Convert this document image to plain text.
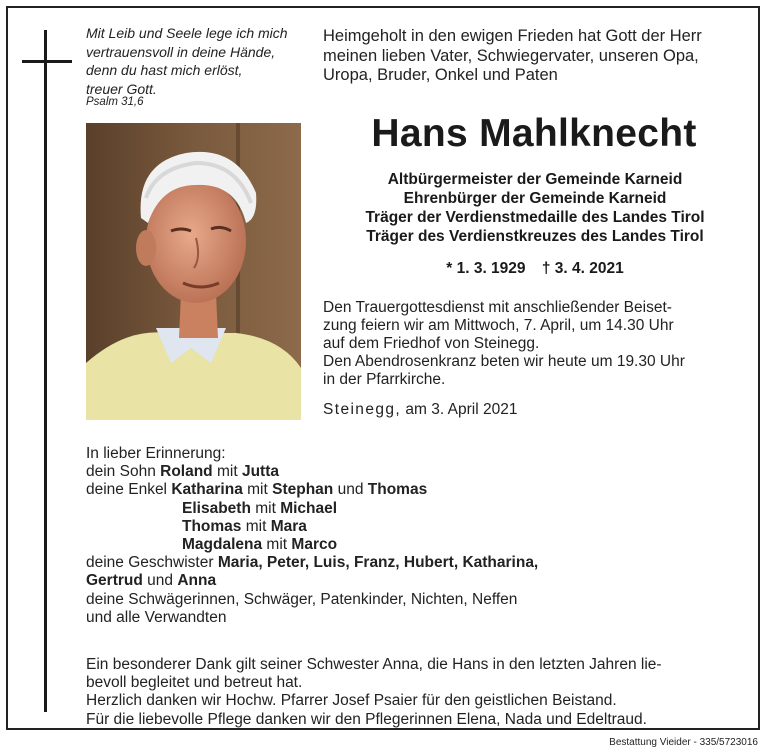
Mit Leib und Seele lege ich mich
vertrauensvoll in deine Hände,
denn du hast mich erlöst,
treuer Gott.
Psalm 31,6
Heimgeholt in den ewigen Frieden hat Gott der Herr
meinen lieben Vater, Schwiegervater, unseren Opa,
Uropa, Bruder, Onkel und Paten
Hans Mahlknecht
Altbürgermeister der Gemeinde Karneid
Ehrenbürger der Gemeinde Karneid
Träger der Verdienstmedaille des Landes Tirol
Träger des Verdienstkreuzes des Landes Tirol
* 1. 3. 1929 † 3. 4. 2021
Den Trauergottesdienst mit anschließender Beiset-
zung feiern wir am Mittwoch, 7. April, um 14.30 Uhr
auf dem Friedhof von Steinegg.
Den Abendrosenkranz beten wir heute um 19.30 Uhr
in der Pfarrkirche.
Steinegg, am 3. April 2021
In lieber Erinnerung:
dein Sohn Roland mit Jutta
deine Enkel Katharina mit Stephan und Thomas
Elisabeth mit Michael
Thomas mit Mara
Magdalena mit Marco
deine Geschwister Maria, Peter, Luis, Franz, Hubert, Katharina,
Gertrud und Anna
deine Schwägerinnen, Schwäger, Patenkinder, Nichten, Neffen
und alle Verwandten
Ein besonderer Dank gilt seiner Schwester Anna, die Hans in den letzten Jahren lie-
bevoll begleitet und betreut hat.
Herzlich danken wir Hochw. Pfarrer Josef Psaier für den geistlichen Beistand.
Für die liebevolle Pflege danken wir den Pflegerinnen Elena, Nada und Edeltraud.
Bestattung Vieider - 335/5723016
